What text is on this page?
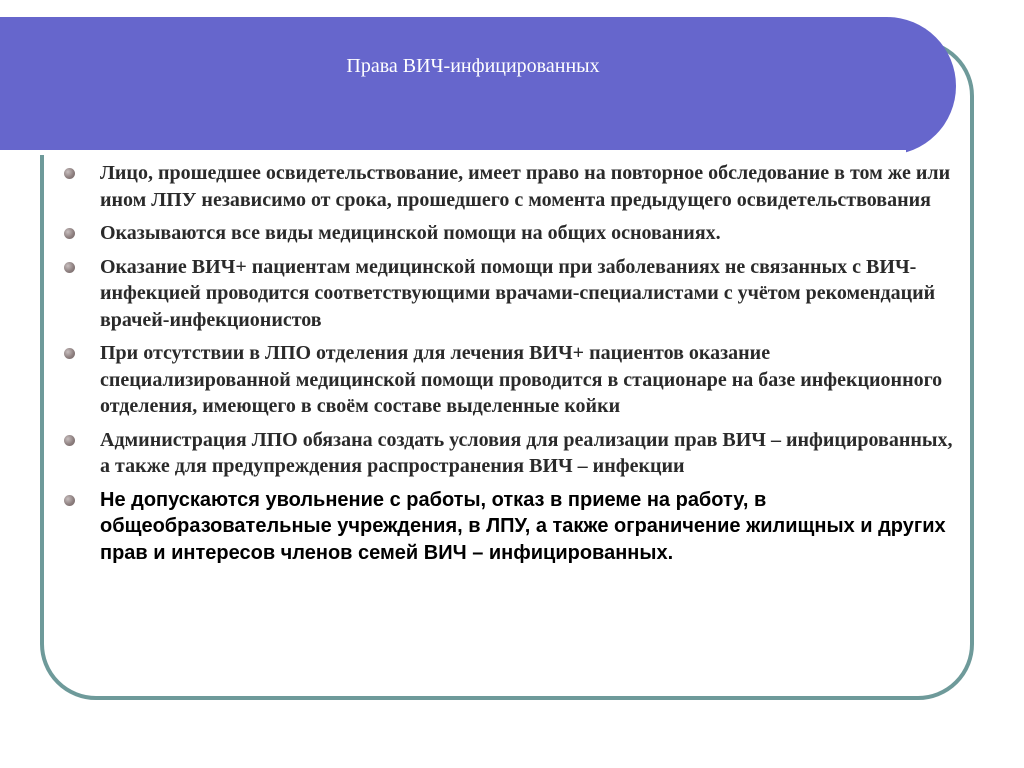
Права ВИЧ-инфицированных
Лицо, прошедшее освидетельствование, имеет право на повторное обследование в том же или ином ЛПУ независимо от срока, прошедшего с момента предыдущего освидетельствования
Оказываются все виды медицинской помощи на общих основаниях.
Оказание ВИЧ+ пациентам медицинской помощи при заболеваниях не связанных с ВИЧ-инфекцией проводится соответствующими врачами-специалистами с учётом рекомендаций врачей-инфекционистов
При отсутствии в ЛПО отделения для лечения ВИЧ+ пациентов оказание специализированной медицинской помощи проводится в стационаре на базе инфекционного отделения, имеющего в своём составе выделенные койки
Администрация ЛПО обязана создать условия для реализации прав ВИЧ – инфицированных, а также для предупреждения распространения ВИЧ – инфекции
Не допускаются увольнение с работы, отказ в приеме на работу, в общеобразовательные учреждения, в ЛПУ, а также ограничение жилищных и других прав и интересов членов семей ВИЧ – инфицированных.
